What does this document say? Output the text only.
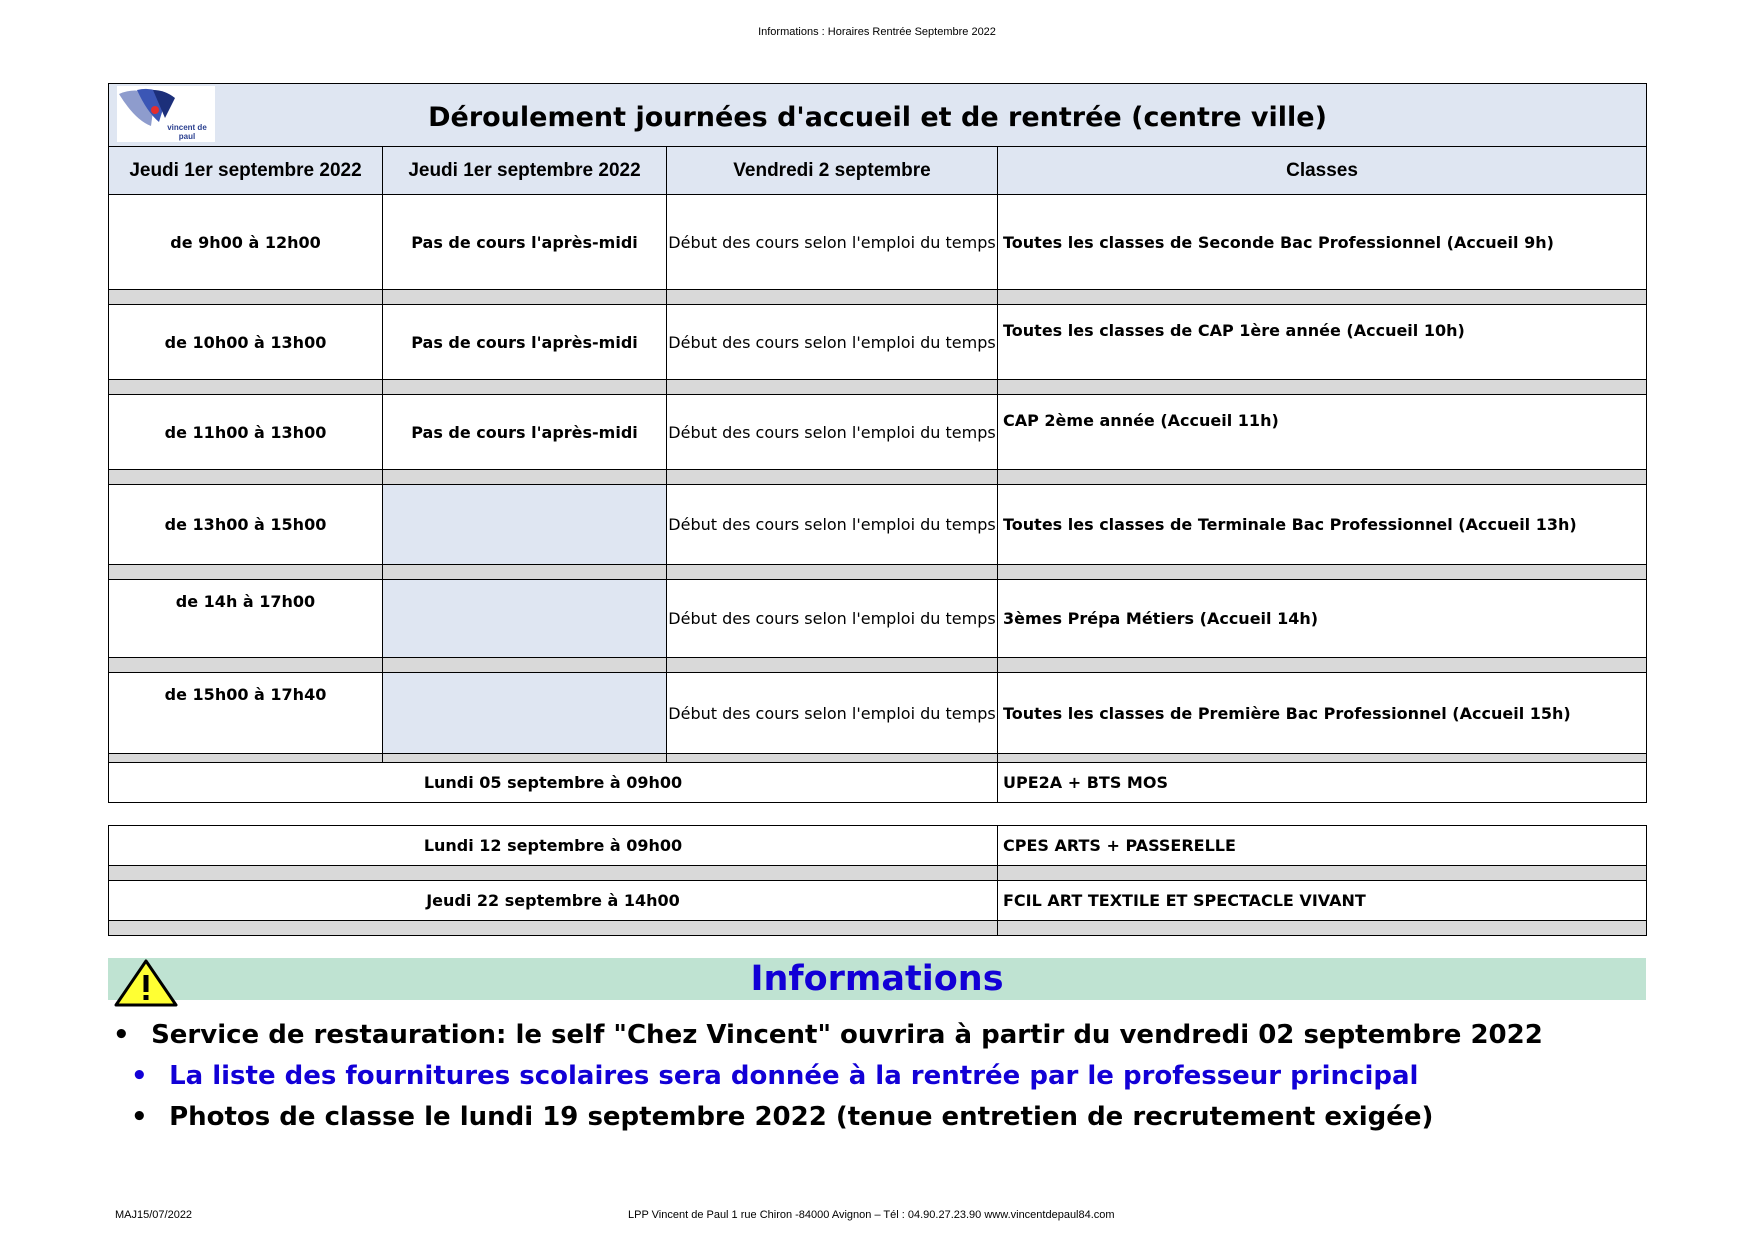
Informations : Horaires Rentrée Septembre 2022
vincent de paul
Déroulement journées d'accueil et de rentrée (centre ville)			
Jeudi 1er septembre 2022	Jeudi 1er septembre 2022	Vendredi 2 septembre	Classes
de 9h00 à 12h00	Pas de cours l'après-midi	Début des cours selon l'emploi du temps	Toutes les classes de Seconde Bac Professionnel (Accueil 9h)

de 10h00 à 13h00	Pas de cours l'après-midi	Début des cours selon l'emploi du temps	Toutes les classes de CAP 1ère année (Accueil 10h)

de 11h00 à 13h00	Pas de cours l'après-midi	Début des cours selon l'emploi du temps	CAP 2ème année (Accueil 11h)

de 13h00 à 15h00		Début des cours selon l'emploi du temps	Toutes les classes de Terminale Bac Professionnel (Accueil 13h)

de 14h à 17h00		Début des cours selon l'emploi du temps	3èmes Prépa Métiers (Accueil 14h)

de 15h00 à 17h40		Début des cours selon l'emploi du temps	Toutes les classes de Première Bac Professionnel (Accueil 15h)

Lundi 05 septembre à 09h00			UPE2A + BTS MOS
Lundi 12 septembre à 09h00	CPES ARTS + PASSERELLE

Jeudi 22 septembre à 14h00	FCIL ART TEXTILE ET SPECTACLE VIVANT

Informations
• Service de restauration: le self "Chez Vincent" ouvrira à partir du vendredi 02 septembre 2022
• La liste des fournitures scolaires sera donnée à la rentrée par le professeur principal
• Photos de classe le lundi 19 septembre 2022 (tenue entretien de recrutement exigée)
MAJ15/07/2022	LPP Vincent de Paul 1 rue Chiron -84000 Avignon – Tél : 04.90.27.23.90 www.vincentdepaul84.com
